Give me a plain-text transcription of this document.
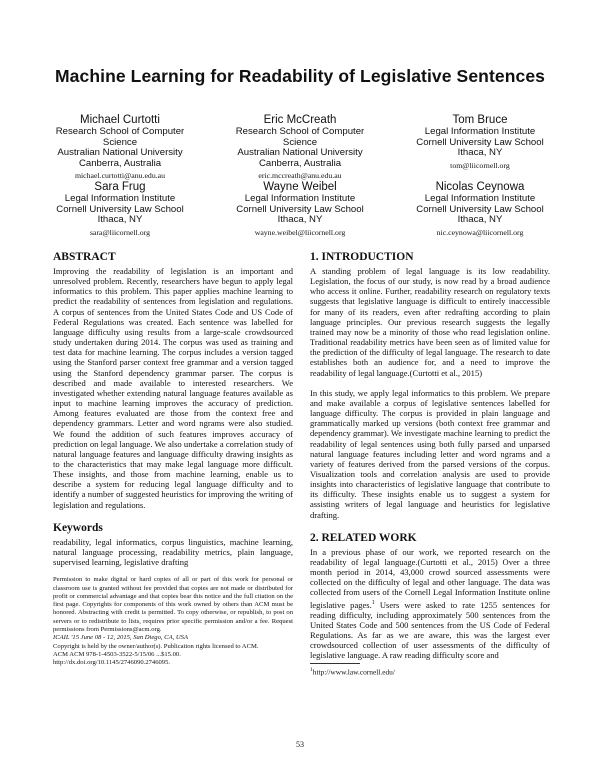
Machine Learning for Readability of Legislative Sentences
Michael Curtotti
Research School of Computer
Science
Australian National University
Canberra, Australia
michael.curtotti@anu.edu.au
Eric McCreath
Research School of Computer
Science
Australian National University
Canberra, Australia
eric.mccreath@anu.edu.au
Tom Bruce
Legal Information Institute
Cornell University Law School
Ithaca, NY
tom@liicornell.org
Sara Frug
Legal Information Institute
Cornell University Law School
Ithaca, NY
sara@liicornell.org
Wayne Weibel
Legal Information Institute
Cornell University Law School
Ithaca, NY
wayne.weibel@liicornell.org
Nicolas Ceynowa
Legal Information Institute
Cornell University Law School
Ithaca, NY
nic.ceynowa@liicornell.org
ABSTRACT

Improving the readability of legislation is an important and unresolved problem. Recently, researchers have begun to apply legal informatics to this problem. This paper applies machine learning to predict the readability of sentences from legislation and regulations. A corpus of sentences from the United States Code and US Code of Federal Regulations was created. Each sentence was labelled for language difficulty using results from a large-scale crowdsourced study undertaken during 2014. The corpus was used as training and test data for machine learning. The corpus includes a version tagged using the Stanford parser context free grammar and a version tagged using the Stanford dependency grammar parser. The corpus is described and made available to interested researchers. We investigated whether extending natural language features available as input to machine learning improves the accuracy of prediction. Among features evaluated are those from the context free and dependency grammars. Letter and word ngrams were also studied. We found the addition of such features improves accuracy of prediction on legal language. We also undertake a correlation study of natural language features and language difficulty drawing insights as to the characteristics that may make legal language more difficult. These insights, and those from machine learning, enable us to describe a system for reducing legal language difficulty and to identify a number of suggested heuristics for improving the writing of legislation and regulations.

Keywords

readability, legal informatics, corpus linguistics, machine learning, natural language processing, readability metrics, plain language, supervised learning, legislative drafting

Permission to make digital or hard copies of all or part of this work for personal or classroom use is granted without fee provided that copies are not made or distributed for profit or commercial advantage and that copies bear this notice and the full citation on the first page. Copyrights for components of this work owned by others than ACM must be honored. Abstracting with credit is permitted. To copy otherwise, or republish, to post on servers or to redistribute to lists, requires prior specific permission and/or a fee. Request permissions from Permissions@acm.org.

ICAIL '15 June 08 - 12, 2015, San Diego, CA, USA

Copyright is held by the owner/author(s). Publication rights licensed to ACM.

ACM ACM 978-1-4503-3522-5/15/06 ...$15.00.

http://dx.doi.org/10.1145/2746090.2746095.

1. INTRODUCTION

A standing problem of legal language is its low readability. Legislation, the focus of our study, is now read by a broad audience who access it online. Further, readability research on regulatory texts suggests that legislative language is difficult to entirely inaccessible for many of its readers, even after redrafting according to plain language principles. Our previous research suggests the legally trained may now be a minority of those who read legislation online. Traditional readability metrics have been seen as of limited value for the prediction of the difficulty of legal language. The research to date establishes both an audience for, and a need to improve the readability of legal language.(Curtotti et al., 2015)

In this study, we apply legal informatics to this problem. We prepare and make available a corpus of legislative sentences labelled for language difficulty. The corpus is provided in plain language and grammatically marked up versions (both context free grammar and dependency grammar). We investigate machine learning to predict the readability of legal sentences using both fully parsed and unparsed natural language features including letter and word ngrams and a variety of features derived from the parsed versions of the corpus. Visualization tools and correlation analysis are used to provide insights into characteristics of legislative language that contribute to its difficulty. These insights enable us to suggest a system for assisting writers of legal language and heuristics for legislative drafting.

2. RELATED WORK

In a previous phase of our work, we reported research on the readability of legal language.(Curtotti et al., 2015) Over a three month period in 2014, 43,000 crowd sourced assessments were collected on the difficulty of legal and other language. The data was collected from users of the Cornell Legal Information Institute online legislative pages.$^1$ Users were asked to rate 1255 sentences for reading difficulty, including approximately 500 sentences from the United States Code and 500 sentences from the US Code of Federal Regulations. As far as we are aware, this was the largest ever crowdsourced collection of user assessments of the difficulty of legislative language. A raw reading difficulty score and

$^1$http://www.law.cornell.edu/
53
